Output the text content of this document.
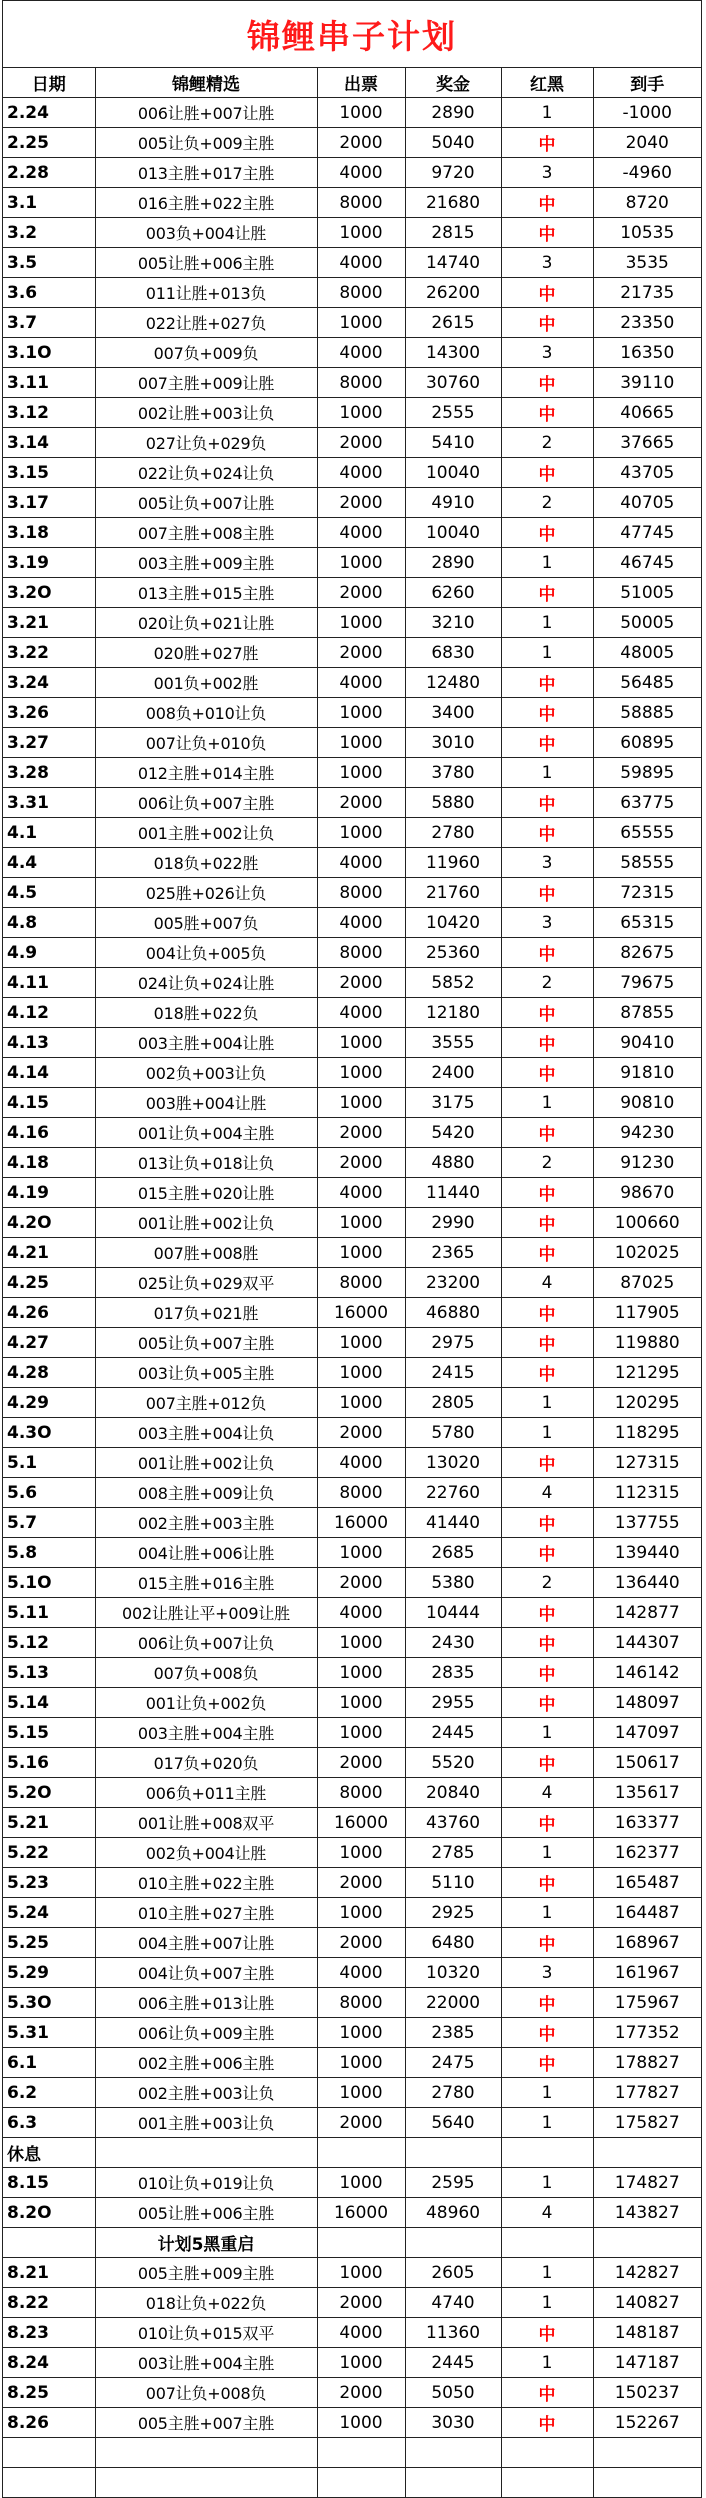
锦鲤串子计划
日期	锦鲤精选	出票	奖金	红黑	到手
2.24	006让胜+007让胜	1000	2890	1	-1000
2.25	005让负+009主胜	2000	5040	中	2040
2.28	013主胜+017主胜	4000	9720	3	-4960
3.1	016主胜+022主胜	8000	21680	中	8720
3.2	003负+004让胜	1000	2815	中	10535
3.5	005让胜+006主胜	4000	14740	3	3535
3.6	011让胜+013负	8000	26200	中	21735
3.7	022让胜+027负	1000	2615	中	23350
3.1O	007负+009负	4000	14300	3	16350
3.11	007主胜+009让胜	8000	30760	中	39110
3.12	002让胜+003让负	1000	2555	中	40665
3.14	027让负+029负	2000	5410	2	37665
3.15	022让负+024让负	4000	10040	中	43705
3.17	005让负+007让胜	2000	4910	2	40705
3.18	007主胜+008主胜	4000	10040	中	47745
3.19	003主胜+009主胜	1000	2890	1	46745
3.2O	013主胜+015主胜	2000	6260	中	51005
3.21	020让负+021让胜	1000	3210	1	50005
3.22	020胜+027胜	2000	6830	1	48005
3.24	001负+002胜	4000	12480	中	56485
3.26	008负+010让负	1000	3400	中	58885
3.27	007让负+010负	1000	3010	中	60895
3.28	012主胜+014主胜	1000	3780	1	59895
3.31	006让负+007主胜	2000	5880	中	63775
4.1	001主胜+002让负	1000	2780	中	65555
4.4	018负+022胜	4000	11960	3	58555
4.5	025胜+026让负	8000	21760	中	72315
4.8	005胜+007负	4000	10420	3	65315
4.9	004让负+005负	8000	25360	中	82675
4.11	024让负+024让胜	2000	5852	2	79675
4.12	018胜+022负	4000	12180	中	87855
4.13	003主胜+004让胜	1000	3555	中	90410
4.14	002负+003让负	1000	2400	中	91810
4.15	003胜+004让胜	1000	3175	1	90810
4.16	001让负+004主胜	2000	5420	中	94230
4.18	013让负+018让负	2000	4880	2	91230
4.19	015主胜+020让胜	4000	11440	中	98670
4.2O	001让胜+002让负	1000	2990	中	100660
4.21	007胜+008胜	1000	2365	中	102025
4.25	025让负+029双平	8000	23200	4	87025
4.26	017负+021胜	16000	46880	中	117905
4.27	005让负+007主胜	1000	2975	中	119880
4.28	003让负+005主胜	1000	2415	中	121295
4.29	007主胜+012负	1000	2805	1	120295
4.3O	003主胜+004让负	2000	5780	1	118295
5.1	001让胜+002让负	4000	13020	中	127315
5.6	008主胜+009让负	8000	22760	4	112315
5.7	002主胜+003主胜	16000	41440	中	137755
5.8	004让胜+006让胜	1000	2685	中	139440
5.1O	015主胜+016主胜	2000	5380	2	136440
5.11	002让胜让平+009让胜	4000	10444	中	142877
5.12	006让负+007让负	1000	2430	中	144307
5.13	007负+008负	1000	2835	中	146142
5.14	001让负+002负	1000	2955	中	148097
5.15	003主胜+004主胜	1000	2445	1	147097
5.16	017负+020负	2000	5520	中	150617
5.2O	006负+011主胜	8000	20840	4	135617
5.21	001让胜+008双平	16000	43760	中	163377
5.22	002负+004让胜	1000	2785	1	162377
5.23	010主胜+022主胜	2000	5110	中	165487
5.24	010主胜+027主胜	1000	2925	1	164487
5.25	004主胜+007让胜	2000	6480	中	168967
5.29	004让负+007主胜	4000	10320	3	161967
5.3O	006主胜+013让胜	8000	22000	中	175967
5.31	006让负+009主胜	1000	2385	中	177352
6.1	002主胜+006主胜	1000	2475	中	178827
6.2	002主胜+003让负	1000	2780	1	177827
6.3	001主胜+003让负	2000	5640	1	175827
休息					
8.15	010让负+019让负	1000	2595	1	174827
8.2O	005让胜+006主胜	16000	48960	4	143827
	计划5黑重启				
8.21	005主胜+009主胜	1000	2605	1	142827
8.22	018让负+022负	2000	4740	1	140827
8.23	010让负+015双平	4000	11360	中	148187
8.24	003让胜+004主胜	1000	2445	1	147187
8.25	007让负+008负	2000	5050	中	150237
8.26	005主胜+007主胜	1000	3030	中	152267
